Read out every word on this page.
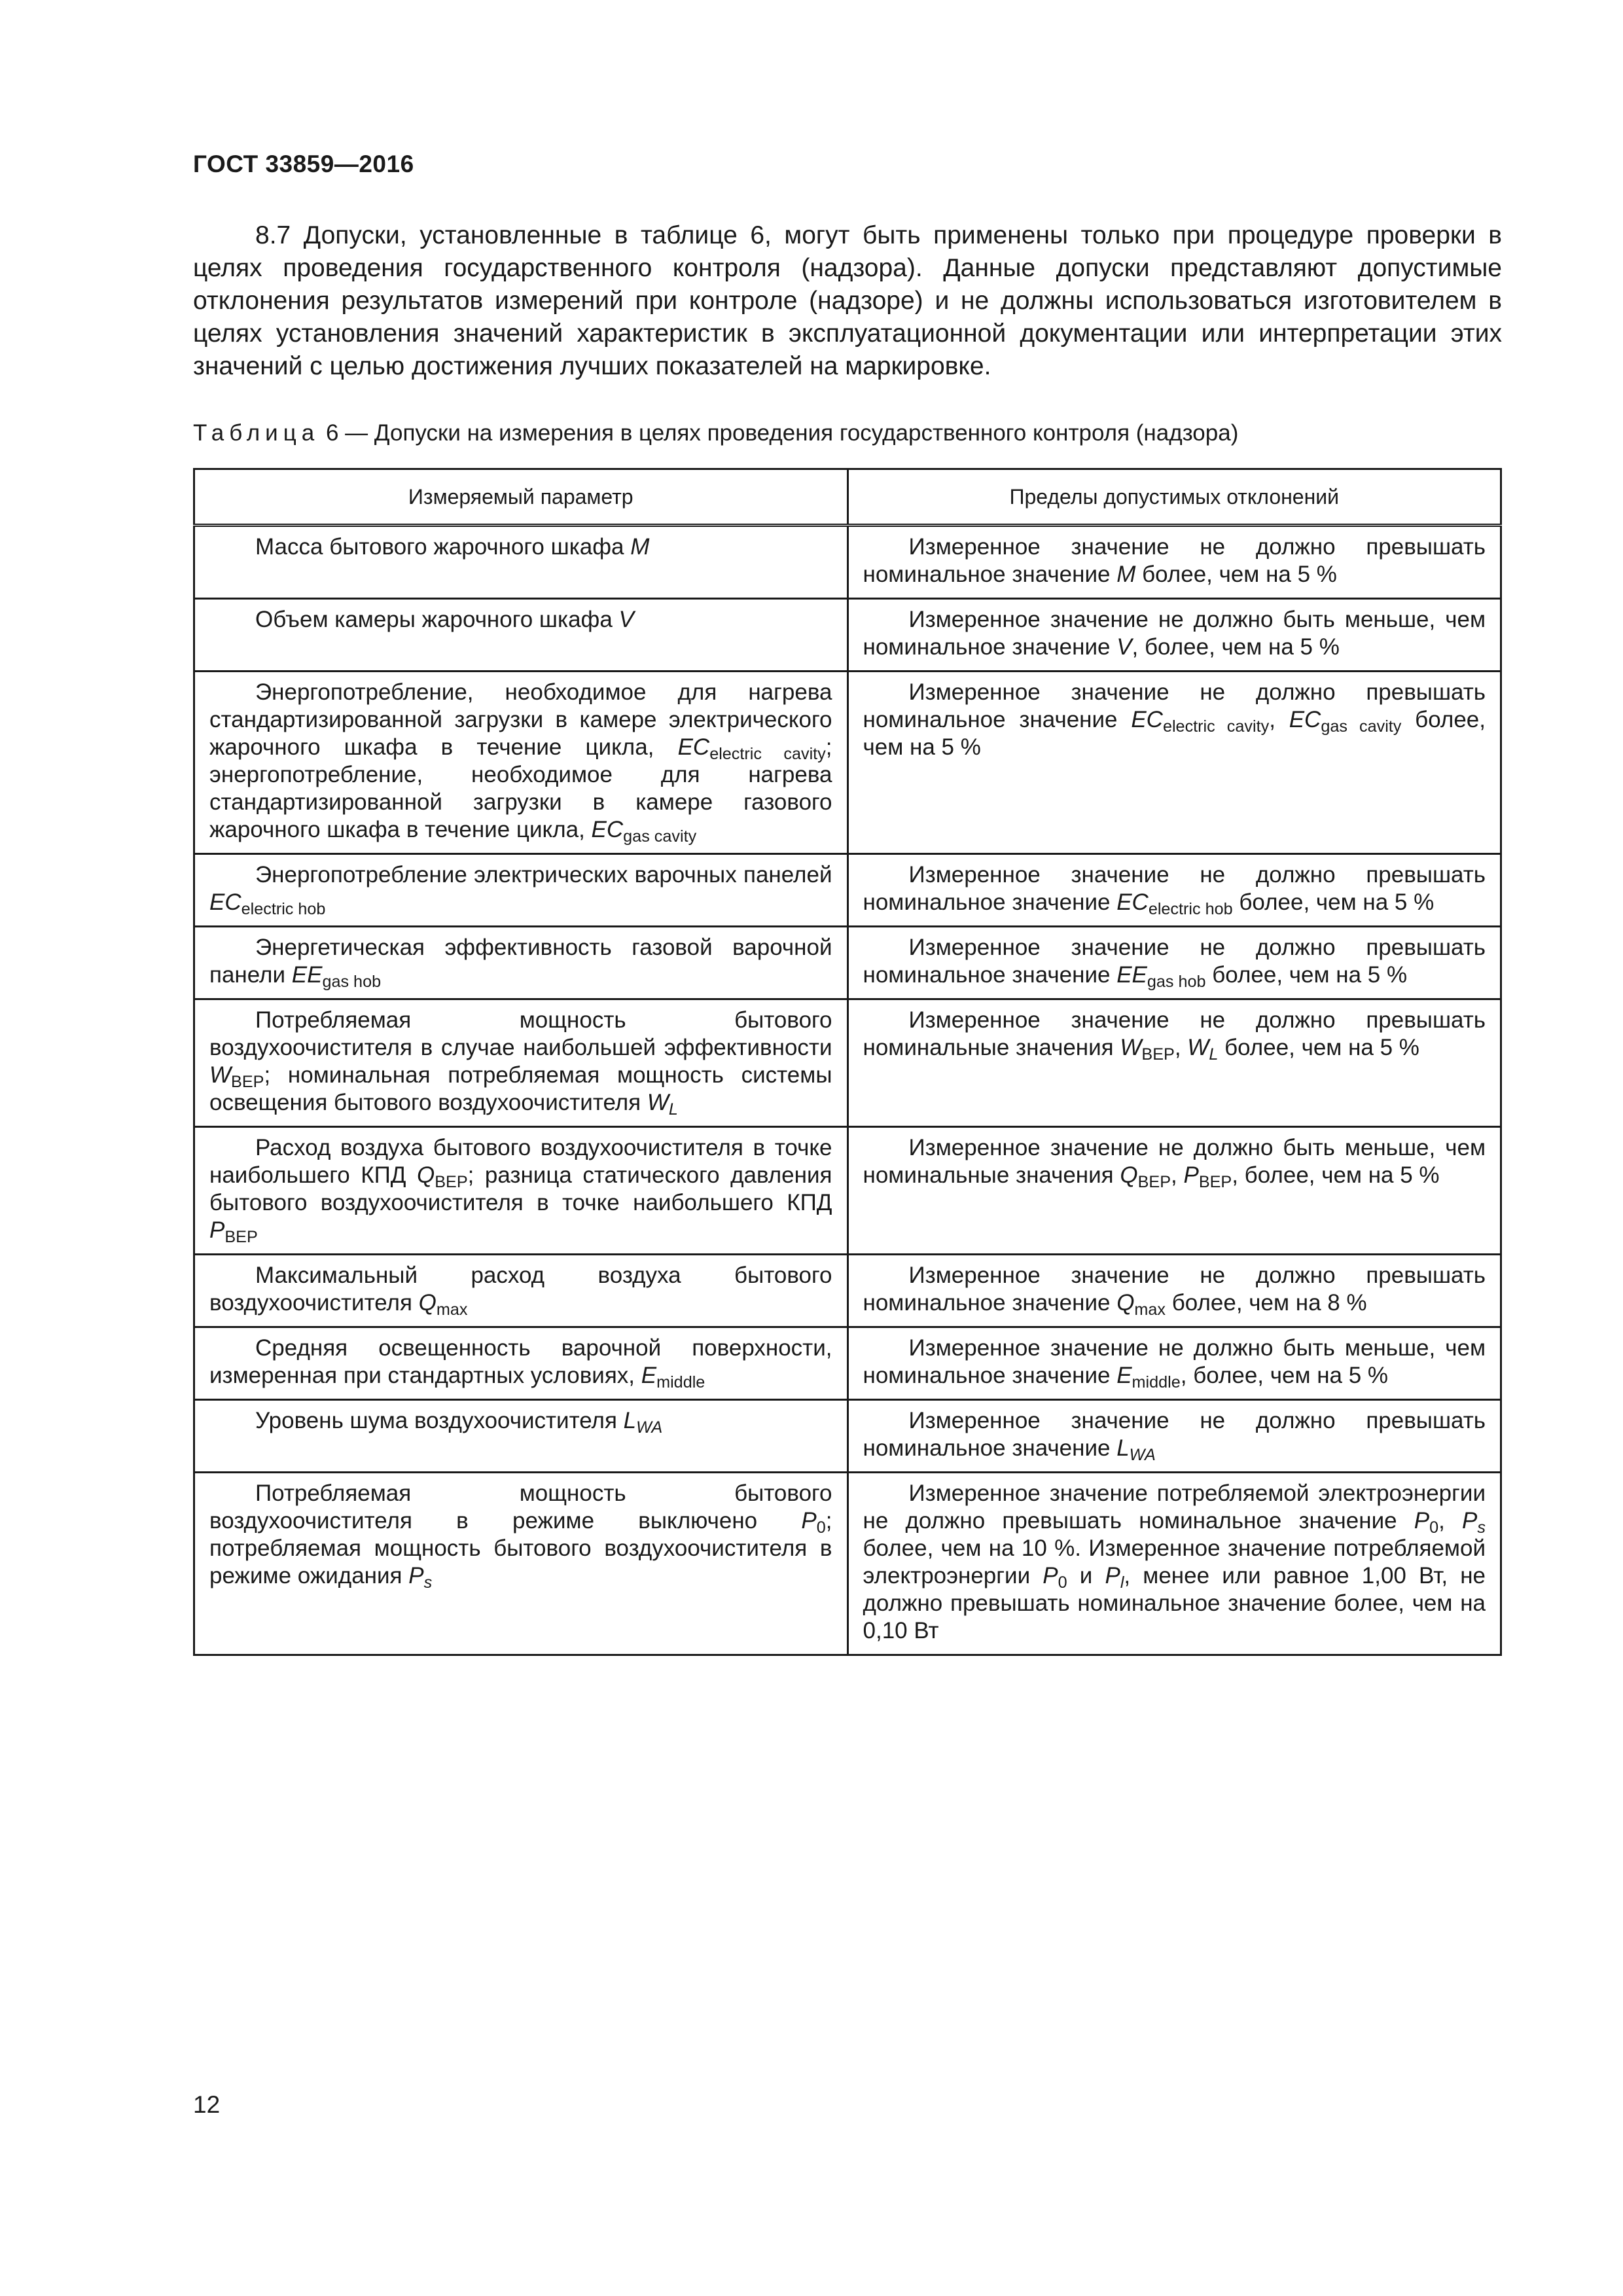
ГОСТ 33859—2016
8.7 Допуски, установленные в таблице 6, могут быть применены только при процедуре проверки в целях проведения государственного контроля (надзора). Данные допуски представляют допустимые отклонения результатов измерений при контроле (надзоре) и не должны использоваться изготовителем в целях установления значений характеристик в эксплуатационной документации или интерпретации этих значений с целью достижения лучших показателей на маркировке.
Таблица 6 — Допуски на измерения в целях проведения государственного контроля (надзора)
Измеряемый параметр	Пределы допустимых отклонений
Масса бытового жарочного шкафа M	Измеренное значение не должно превышать номинальное значение M более, чем на 5 %
Объем камеры жарочного шкафа V	Измеренное значение не должно быть меньше, чем номинальное значение V, более, чем на 5 %
Энергопотребление, необходимое для нагрева стандартизированной загрузки в камере электрического жарочного шкафа в течение цикла, $EC_{electric cavity}$; энергопотребление, необходимое для нагрева стандартизированной загрузки в камере газового жарочного шкафа в течение цикла, $EC_{gas cavity}$	Измеренное значение не должно превышать номинальное значение $EC_{electric cavity}$, $EC_{gas cavity}$ более, чем на 5 %
Энергопотребление электрических варочных панелей $EC_{electric hob}$	Измеренное значение не должно превышать номинальное значение $EC_{electric hob}$ более, чем на 5 %
Энергетическая эффективность газовой варочной панели $EE_{gas hob}$	Измеренное значение не должно превышать номинальное значение $EE_{gas hob}$ более, чем на 5 %
Потребляемая мощность бытового воздухоочистителя в случае наибольшей эффективности $W_{BEP}$; номинальная потребляемая мощность системы освещения бытового воздухоочистителя $W_L$	Измеренное значение не должно превышать номинальные значения $W_{BEP}$, $W_L$ более, чем на 5 %
Расход воздуха бытового воздухоочистителя в точке наибольшего КПД $Q_{BEP}$; разница статического давления бытового воздухоочистителя в точке наибольшего КПД $P_{BEP}$	Измеренное значение не должно быть меньше, чем номинальные значения $Q_{BEP}$, $P_{BEP}$, более, чем на 5 %
Максимальный расход воздуха бытового воздухоочистителя $Q_{max}$	Измеренное значение не должно превышать номинальное значение $Q_{max}$ более, чем на 8 %
Средняя освещенность варочной поверхности, измеренная при стандартных условиях, $E_{middle}$	Измеренное значение не должно быть меньше, чем номинальное значение $E_{middle}$, более, чем на 5 %
Уровень шума воздухоочистителя $L_{WA}$	Измеренное значение не должно превышать номинальное значение $L_{WA}$
Потребляемая мощность бытового воздухоочистителя в режиме выключено $P_0$; потребляемая мощность бытового воздухоочистителя в режиме ожидания $P_s$	Измеренное значение потребляемой электроэнергии не должно превышать номинальное значение $P_0$, $P_s$ более, чем на 10 %. Измеренное значение потребляемой электроэнергии $P_0$ и $P_l$, менее или равное 1,00 Вт, не должно превышать номинальное значение более, чем на 0,10 Вт
12
